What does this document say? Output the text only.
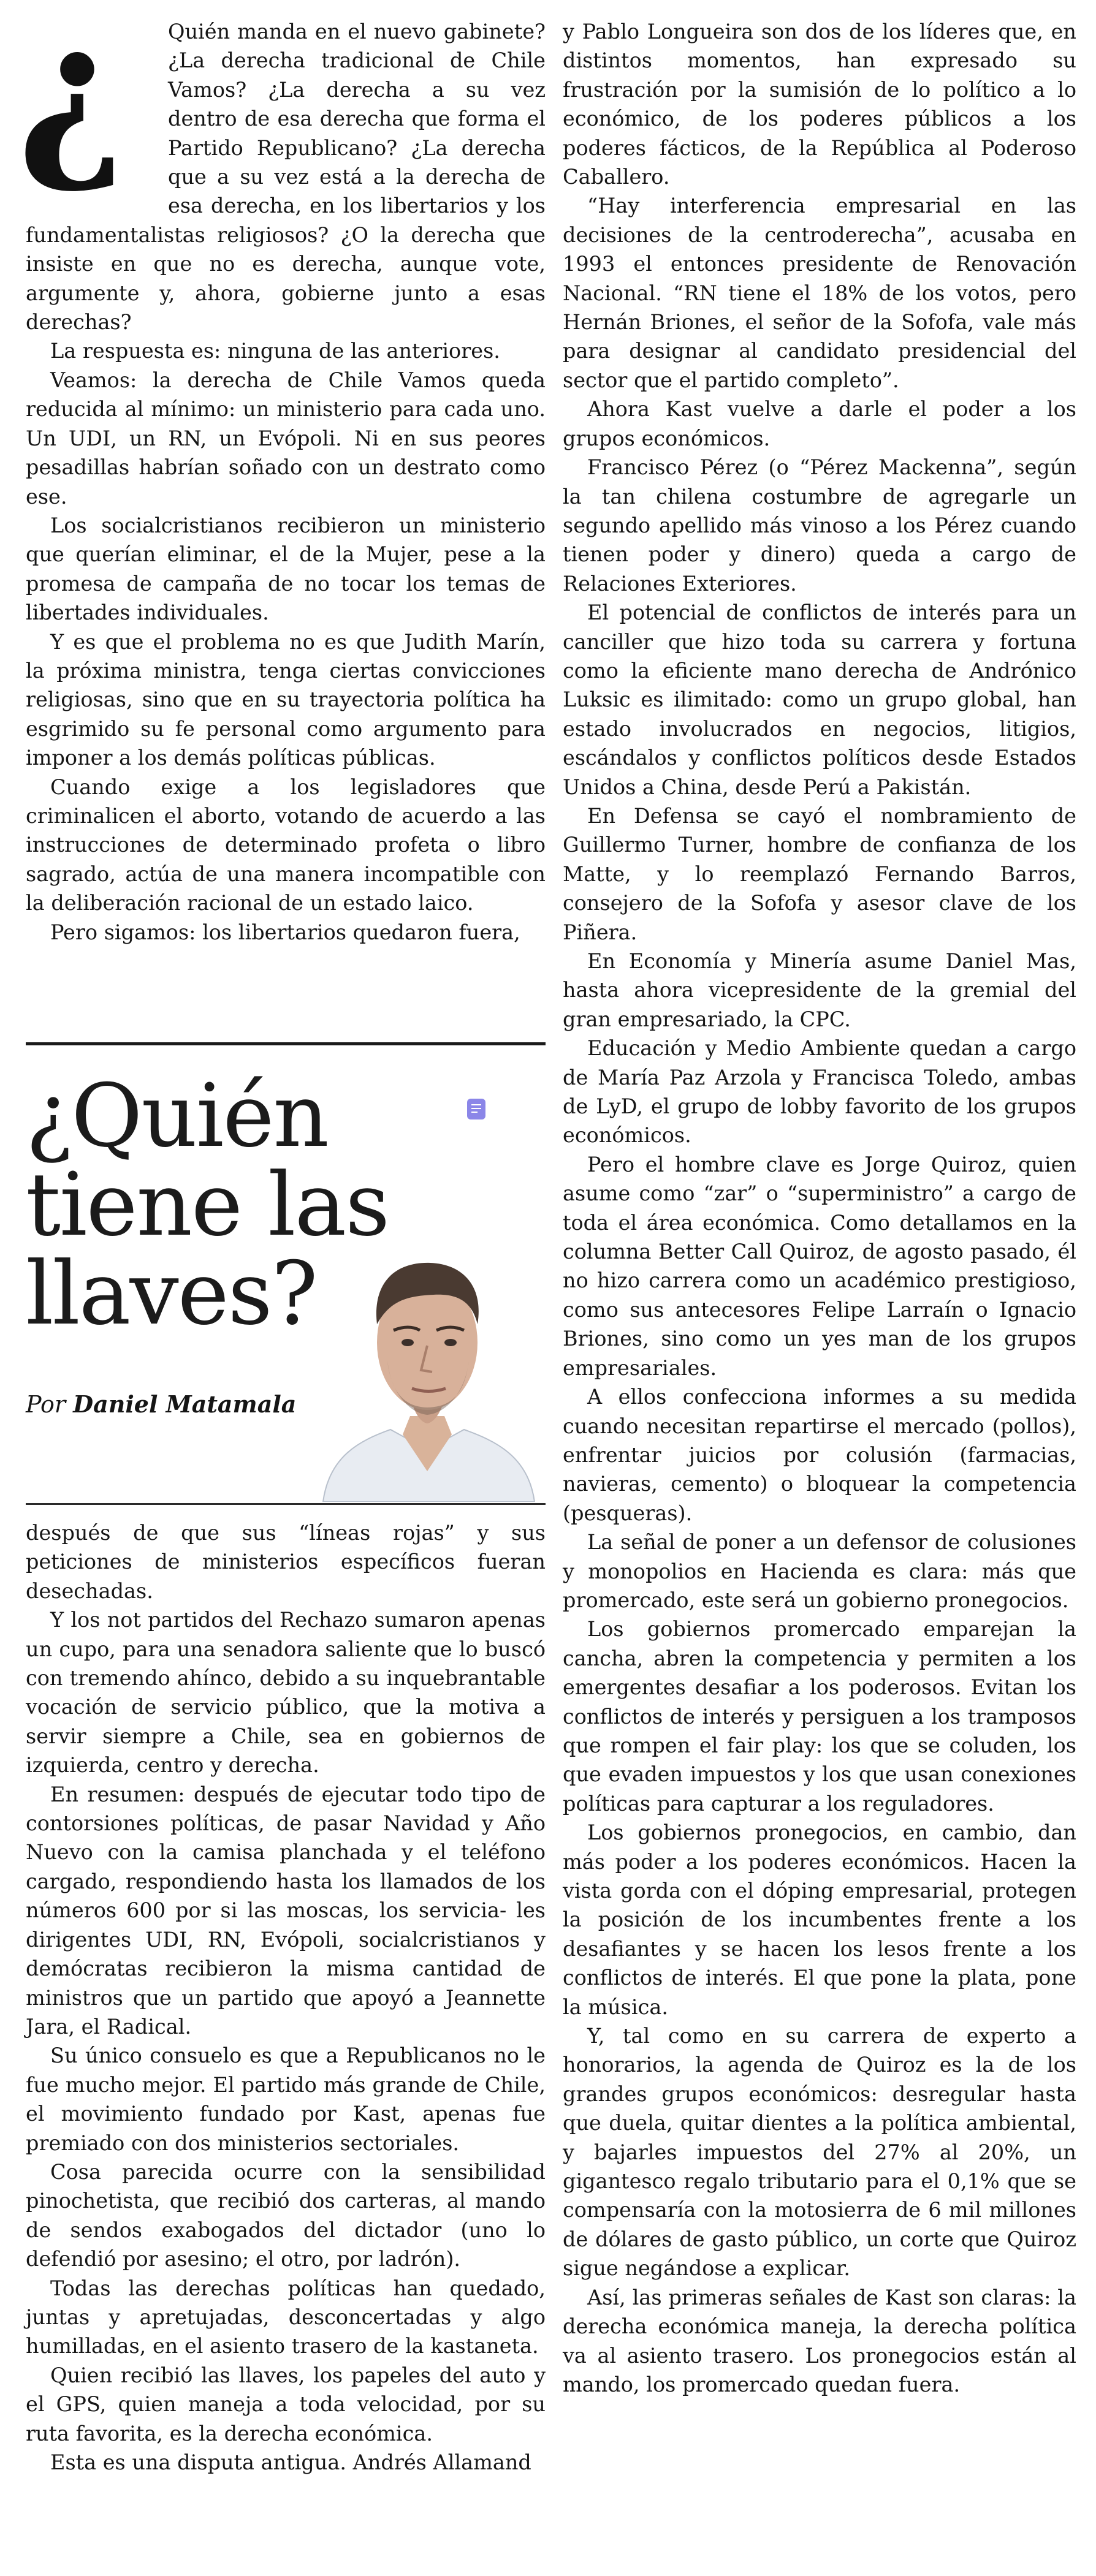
¿	Quién manda en el nuevo gabinete? ¿La derecha tradicional de Chile Vamos? ¿La derecha a su vez dentro de esa derecha que forma el Partido Republicano? ¿La derecha que a su vez está a la derecha de esa derecha, en los libertarios y los fundamentalistas religiosos? ¿O la derecha que insiste en que no es derecha, aunque vote, argumente y, ahora, gobierne junto a esas derechas?

La respuesta es: ninguna de las anteriores.

Veamos: la derecha de Chile Vamos queda reducida al mínimo: un ministerio para cada uno. Un UDI, un RN, un Evópoli. Ni en sus peores pesadillas habrían soñado con un destrato como ese.

Los socialcristianos recibieron un ministerio que querían eliminar, el de la Mujer, pese a la promesa de campaña de no tocar los temas de libertades individuales.

Y es que el problema no es que Judith Marín, la próxima ministra, tenga ciertas convicciones religiosas, sino que en su trayectoria política ha esgrimido su fe personal como argumento para imponer a los demás políticas públicas.

Cuando exige a los legisladores que criminalicen el aborto, votando de acuerdo a las instrucciones de determinado profeta o libro sagrado, actúa de una manera incompatible con la deliberación racional de un estado laico.

Pero sigamos: los libertarios quedaron fuera,

¿Quién
tiene las
llaves?
Por Daniel Matamala

después de que sus “líneas rojas” y sus peticiones de ministerios específicos fueran desechadas.

Y los not partidos del Rechazo sumaron apenas un cupo, para una senadora saliente que lo buscó con tremendo ahínco, debido a su inquebrantable vocación de servicio público, que la motiva a servir siempre a Chile, sea en gobiernos de izquierda, centro y derecha.

En resumen: después de ejecutar todo tipo de contorsiones políticas, de pasar Navidad y Año Nuevo con la camisa planchada y el teléfono cargado, respondiendo hasta los llamados de los números 600 por si las moscas, los servicia- les dirigentes UDI, RN, Evópoli, socialcristianos y demócratas recibieron la misma cantidad de ministros que un partido que apoyó a Jeannette Jara, el Radical.

Su único consuelo es que a Republicanos no le fue mucho mejor. El partido más grande de Chile, el movimiento fundado por Kast, apenas fue premiado con dos ministerios sectoriales.

Cosa parecida ocurre con la sensibilidad pinochetista, que recibió dos carteras, al mando de sendos exabogados del dictador (uno lo defendió por asesino; el otro, por ladrón).

Todas las derechas políticas han quedado, juntas y apretujadas, desconcertadas y algo humilladas, en el asiento trasero de la kastaneta.

Quien recibió las llaves, los papeles del auto y el GPS, quien maneja a toda velocidad, por su ruta favorita, es la derecha económica.

Esta es una disputa antigua. Andrés Allamand

y Pablo Longueira son dos de los líderes que, en distintos momentos, han expresado su frustración por la sumisión de lo político a lo económico, de los poderes públicos a los poderes fácticos, de la República al Poderoso Caballero.

“Hay interferencia empresarial en las decisiones de la centroderecha”, acusaba en 1993 el entonces presidente de Renovación Nacional. “RN tiene el 18% de los votos, pero Hernán Briones, el señor de la Sofofa, vale más para designar al candidato presidencial del sector que el partido completo”.

Ahora Kast vuelve a darle el poder a los grupos económicos.

Francisco Pérez (o “Pérez Mackenna”, según la tan chilena costumbre de agregarle un segundo apellido más vinoso a los Pérez cuando tienen poder y dinero) queda a cargo de Relaciones Exteriores.

El potencial de conflictos de interés para un canciller que hizo toda su carrera y fortuna como la eficiente mano derecha de Andrónico Luksic es ilimitado: como un grupo global, han estado involucrados en negocios, litigios, escándalos y conflictos políticos desde Estados Unidos a China, desde Perú a Pakistán.

En Defensa se cayó el nombramiento de Guillermo Turner, hombre de confianza de los Matte, y lo reemplazó Fernando Barros, consejero de la Sofofa y asesor clave de los Piñera.

En Economía y Minería asume Daniel Mas, hasta ahora vicepresidente de la gremial del gran empresariado, la CPC.

Educación y Medio Ambiente quedan a cargo de María Paz Arzola y Francisca Toledo, ambas de LyD, el grupo de lobby favorito de los grupos económicos.

Pero el hombre clave es Jorge Quiroz, quien asume como “zar” o “superministro” a cargo de toda el área económica. Como detallamos en la columna Better Call Quiroz, de agosto pasado, él no hizo carrera como un académico prestigioso, como sus antecesores Felipe Larraín o Ignacio Briones, sino como un yes man de los grupos empresariales.

A ellos confecciona informes a su medida cuando necesitan repartirse el mercado (pollos), enfrentar juicios por colusión (farmacias, navieras, cemento) o bloquear la competencia (pesqueras).

La señal de poner a un defensor de colusiones y monopolios en Hacienda es clara: más que promercado, este será un gobierno pronegocios.

Los gobiernos promercado emparejan la cancha, abren la competencia y permiten a los emergentes desafiar a los poderosos. Evitan los conflictos de interés y persiguen a los tramposos que rompen el fair play: los que se coluden, los que evaden impuestos y los que usan conexiones políticas para capturar a los reguladores.

Los gobiernos pronegocios, en cambio, dan más poder a los poderes económicos. Hacen la vista gorda con el dóping empresarial, protegen la posición de los incumbentes frente a los desafiantes y se hacen los lesos frente a los conflictos de interés. El que pone la plata, pone la música.

Y, tal como en su carrera de experto a honorarios, la agenda de Quiroz es la de los grandes grupos económicos: desregular hasta que duela, quitar dientes a la política ambiental, y bajarles impuestos del 27% al 20%, un gigantesco regalo tributario para el 0,1% que se compensaría con la motosierra de 6 mil millones de dólares de gasto público, un corte que Quiroz sigue negándose a explicar.

Así, las primeras señales de Kast son claras: la derecha económica maneja, la derecha política va al asiento trasero. Los pronegocios están al mando, los promercado quedan fuera.
